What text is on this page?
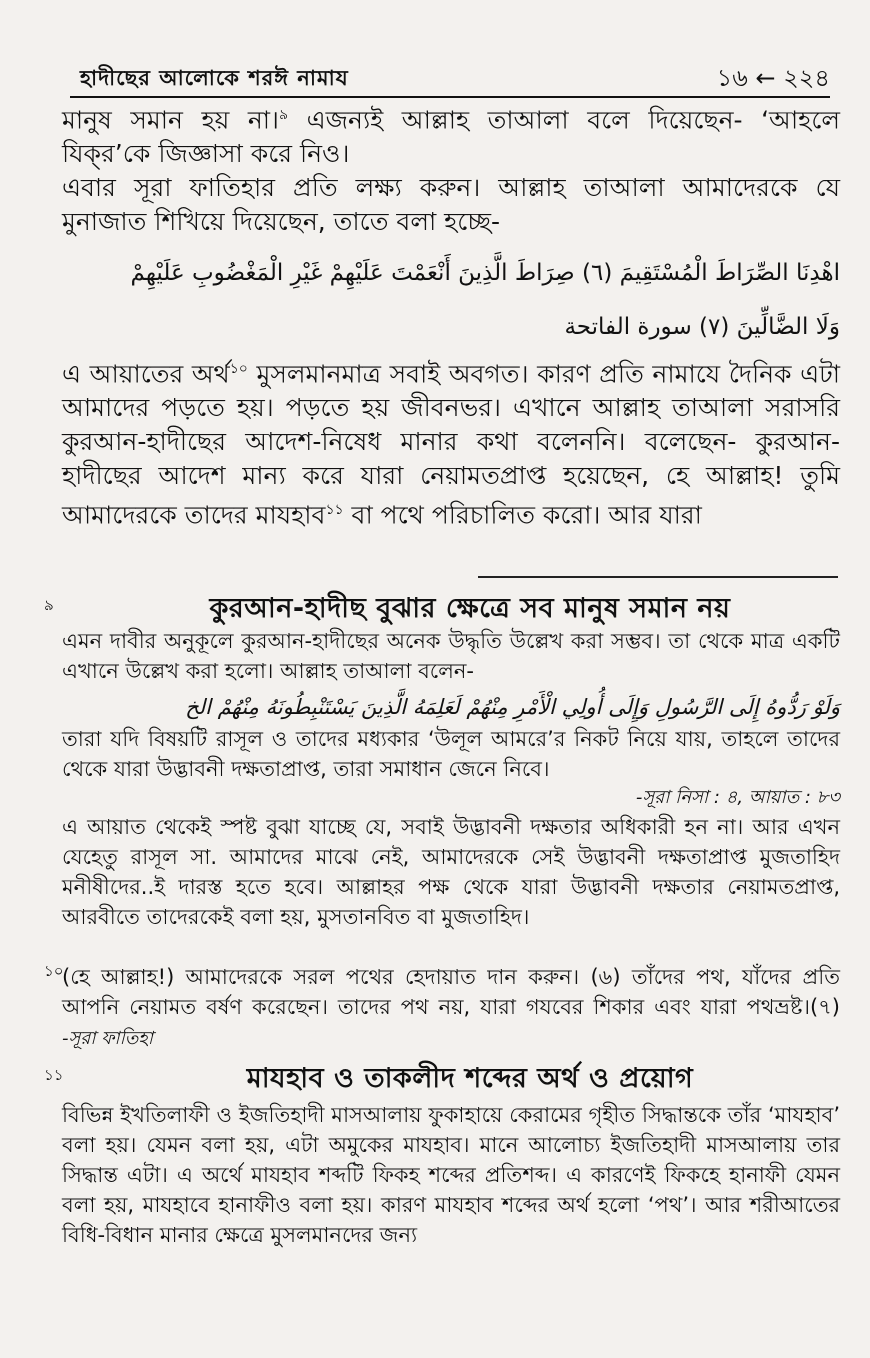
হাদীছের আলোকে শরঈ নামায	১৬ ← ২২৪

মানুষ সমান হয় না।$^৯$ এজন্যই আল্লাহ তাআলা বলে দিয়েছেন- ‘আহলে যিক্‌র’কে জিজ্ঞাসা করে নিও।

এবার সূরা ফাতিহার প্রতি লক্ষ্য করুন। আল্লাহ তাআলা আমাদেরকে যে মুনাজাত শিখিয়ে দিয়েছেন, তাতে বলা হচ্ছে-

اهْدِنَا الصِّرَاطَ الْمُسْتَقِيمَ (٦) صِرَاطَ الَّذِينَ أَنْعَمْتَ عَلَيْهِمْ غَيْرِ الْمَغْضُوبِ عَلَيْهِمْ
وَلَا الضَّالِّينَ (٧) سورة الفاتحة

এ আয়াতের অর্থ$^{১০}$ মুসলমানমাত্র সবাই অবগত। কারণ প্রতি নামাযে দৈনিক এটা আমাদের পড়তে হয়। পড়তে হয় জীবনভর। এখানে আল্লাহ তাআলা সরাসরি কুরআন-হাদীছের আদেশ-নিষেধ মানার কথা বলেননি। বলেছেন- কুরআন-হাদীছের আদেশ মান্য করে যারা নেয়ামতপ্রাপ্ত হয়েছেন, হে আল্লাহ! তুমি আমাদেরকে তাদের মাযহাব$^{১১}$ বা পথে পরিচালিত করো। আর যারা

৯	কুরআন-হাদীছ বুঝার ক্ষেত্রে সব মানুষ সমান নয়

এমন দাবীর অনুকূলে কুরআন-হাদীছের অনেক উদ্ধৃতি উল্লেখ করা সম্ভব। তা থেকে মাত্র একটি এখানে উল্লেখ করা হলো। আল্লাহ তাআলা বলেন-

وَلَوْ رَدُّوهُ إِلَى الرَّسُولِ وَإِلَى أُولِي الْأَمْرِ مِنْهُمْ لَعَلِمَهُ الَّذِينَ يَسْتَنْبِطُونَهُ مِنْهُمْ الخ

তারা যদি বিষয়টি রাসূল ও তাদের মধ্যকার ‘উলূল আমরে’র নিকট নিয়ে যায়, তাহলে তাদের থেকে যারা উদ্ভাবনী দক্ষতাপ্রাপ্ত, তারা সমাধান জেনে নিবে।

-সূরা নিসা : ৪, আয়াত : ৮৩

এ আয়াত থেকেই স্পষ্ট বুঝা যাচ্ছে যে, সবাই উদ্ভাবনী দক্ষতার অধিকারী হন না। আর এখন যেহেতু রাসূল সা. আমাদের মাঝে নেই, আমাদেরকে সেই উদ্ভাবনী দক্ষতাপ্রাপ্ত মুজতাহিদ মনীষীদের..ই দারস্ত হতে হবে। আল্লাহর পক্ষ থেকে যারা উদ্ভাবনী দক্ষতার নেয়ামতপ্রাপ্ত, আরবীতে তাদেরকেই বলা হয়, মুসতানবিত বা মুজতাহিদ।

১০

(হে আল্লাহ!) আমাদেরকে সরল পথের হেদায়াত দান করুন। (৬) তাঁদের পথ, যাঁদের প্রতি আপনি নেয়ামত বর্ষণ করেছেন। তাদের পথ নয়, যারা গযবের শিকার এবং যারা পথভ্রষ্ট।(৭) -সূরা ফাতিহা

১১	মাযহাব ও তাকলীদ শব্দের অর্থ ও প্রয়োগ

বিভিন্ন ইখতিলাফী ও ইজতিহাদী মাসআলায় ফুকাহায়ে কেরামের গৃহীত সিদ্ধান্তকে তাঁর ‘মাযহাব’ বলা হয়। যেমন বলা হয়, এটা অমুকের মাযহাব। মানে আলোচ্য ইজতিহাদী মাসআলায় তার সিদ্ধান্ত এটা। এ অর্থে মাযহাব শব্দটি ফিকহ শব্দের প্রতিশব্দ। এ কারণেই ফিকহে হানাফী যেমন বলা হয়, মাযহাবে হানাফীও বলা হয়। কারণ মাযহাব শব্দের অর্থ হলো ‘পথ’। আর শরীআতের বিধি-বিধান মানার ক্ষেত্রে মুসলমানদের জন্য
